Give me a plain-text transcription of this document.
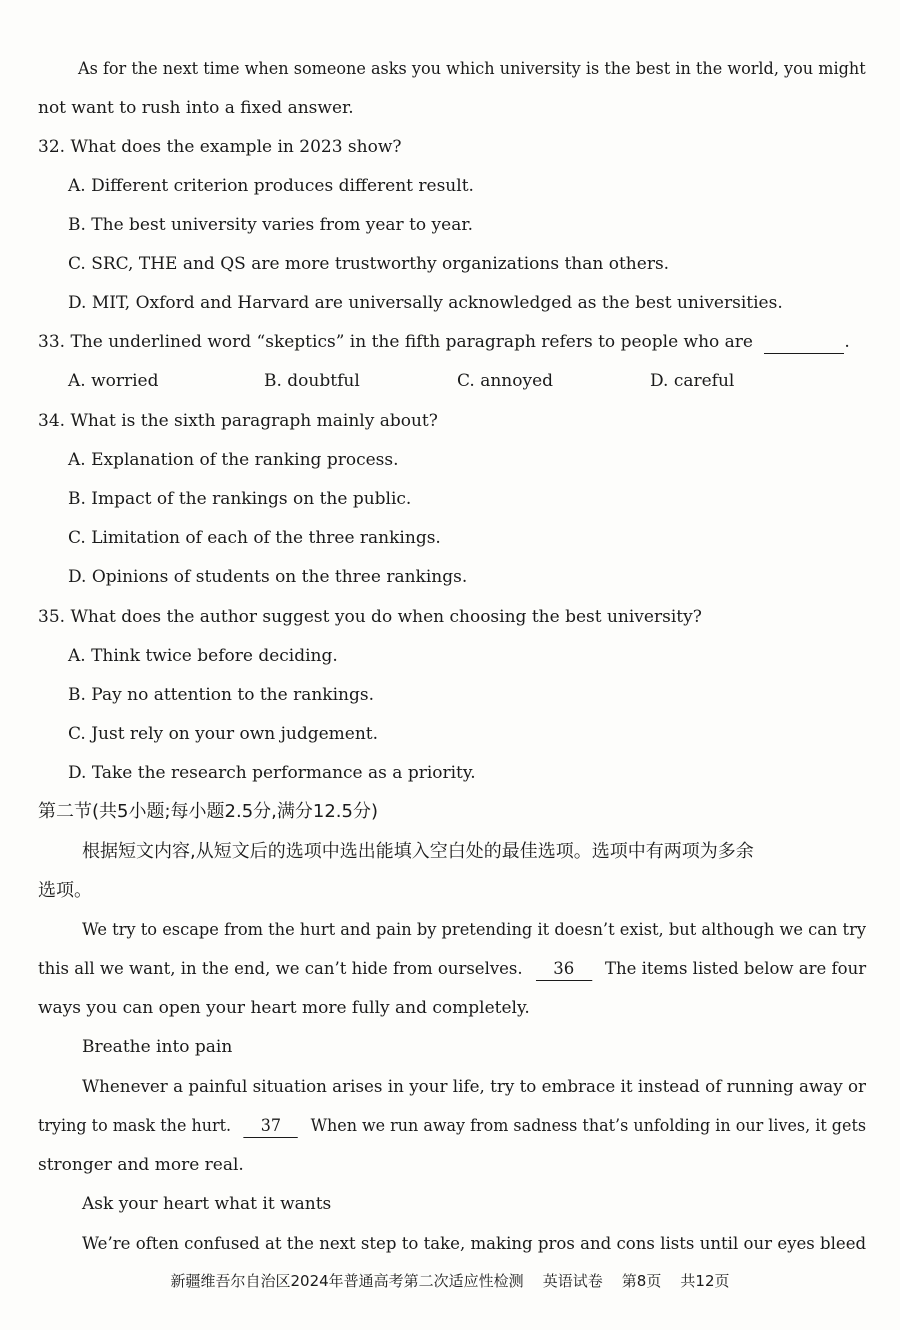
As for the next time when someone asks you which university is the best in the world, you might
not want to rush into a fixed answer.
32. What does the example in 2023 show?
A. Different criterion produces different result.
B. The best university varies from year to year.
C. SRC, THE and QS are more trustworthy organizations than others.
D. MIT, Oxford and Harvard are universally acknowledged as the best universities.
33. The underlined word “skeptics” in the fifth paragraph refers to people who are	.
A. worried	B. doubtful	C. annoyed	D. careful
34. What is the sixth paragraph mainly about?
A. Explanation of the ranking process.
B. Impact of the rankings on the public.
C. Limitation of each of the three rankings.
D. Opinions of students on the three rankings.
35. What does the author suggest you do when choosing the best university?
A. Think twice before deciding.
B. Pay no attention to the rankings.
C. Just rely on your own judgement.
D. Take the research performance as a priority.
第二节(共5小题;每小题2.5分,满分12.5分)
根据短文内容,从短文后的选项中选出能填入空白处的最佳选项。选项中有两项为多余
选项。
We try to escape from the hurt and pain by pretending it doesn’t exist, but although we can try
this all we want, in the end, we can’t hide from ourselves. 36 The items listed below are four
ways you can open your heart more fully and completely.
Breathe into pain
Whenever a painful situation arises in your life, try to embrace it instead of running away or
trying to mask the hurt. 37 When we run away from sadness that’s unfolding in our lives, it gets
stronger and more real.
Ask your heart what it wants
We’re often confused at the next step to take, making pros and cons lists until our eyes bleed
新疆维吾尔自治区2024年普通高考第二次适应性检测    英语试卷    第8页    共12页
